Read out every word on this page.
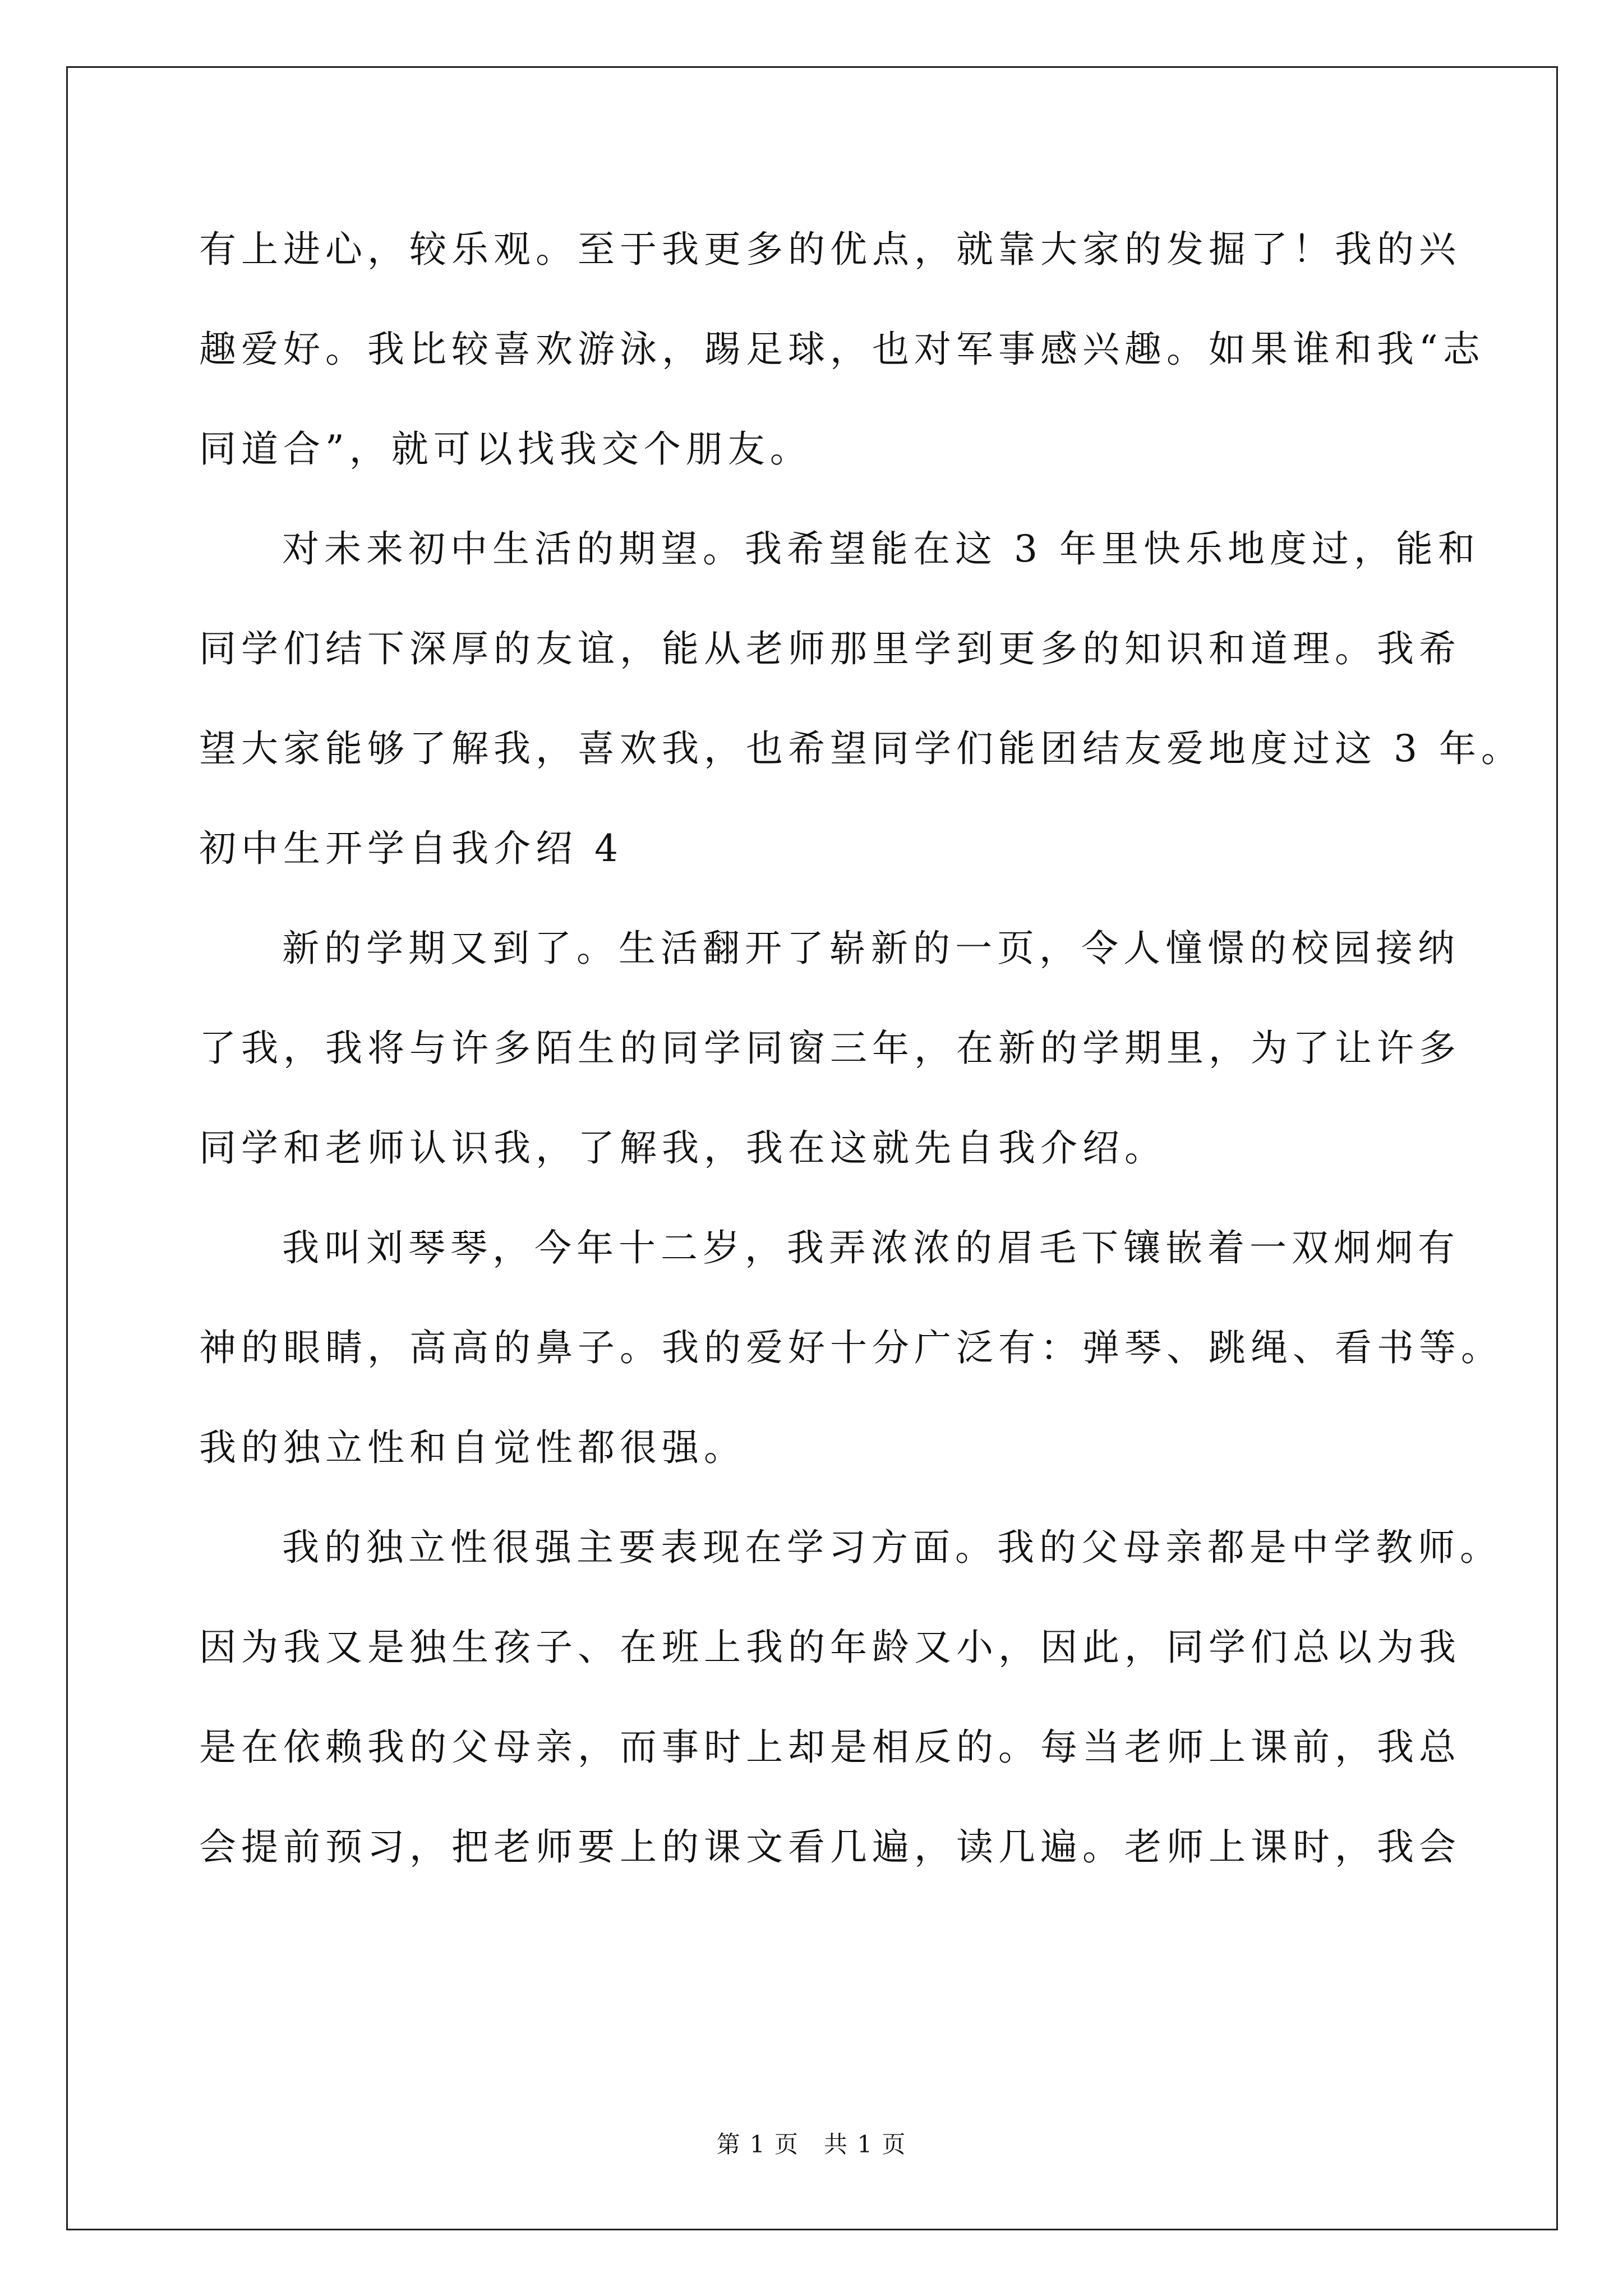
有上进心，较乐观。至于我更多的优点，就靠大家的发掘了！我的兴
趣爱好。我比较喜欢游泳，踢足球，也对军事感兴趣。如果谁和我“志
同道合”，就可以找我交个朋友。
对未来初中生活的期望。我希望能在这 3 年里快乐地度过，能和
同学们结下深厚的友谊，能从老师那里学到更多的知识和道理。我希
望大家能够了解我，喜欢我，也希望同学们能团结友爱地度过这 3 年。
初中生开学自我介绍 4
新的学期又到了。生活翻开了崭新的一页，令人憧憬的校园接纳
了我，我将与许多陌生的同学同窗三年，在新的学期里，为了让许多
同学和老师认识我，了解我，我在这就先自我介绍。
我叫刘琴琴，今年十二岁，我弄浓浓的眉毛下镶嵌着一双炯炯有
神的眼睛，高高的鼻子。我的爱好十分广泛有：弹琴、跳绳、看书等。
我的独立性和自觉性都很强。
我的独立性很强主要表现在学习方面。我的父母亲都是中学教师。
因为我又是独生孩子、在班上我的年龄又小，因此，同学们总以为我
是在依赖我的父母亲，而事时上却是相反的。每当老师上课前，我总
会提前预习，把老师要上的课文看几遍，读几遍。老师上课时，我会
第 1 页　共 1 页
